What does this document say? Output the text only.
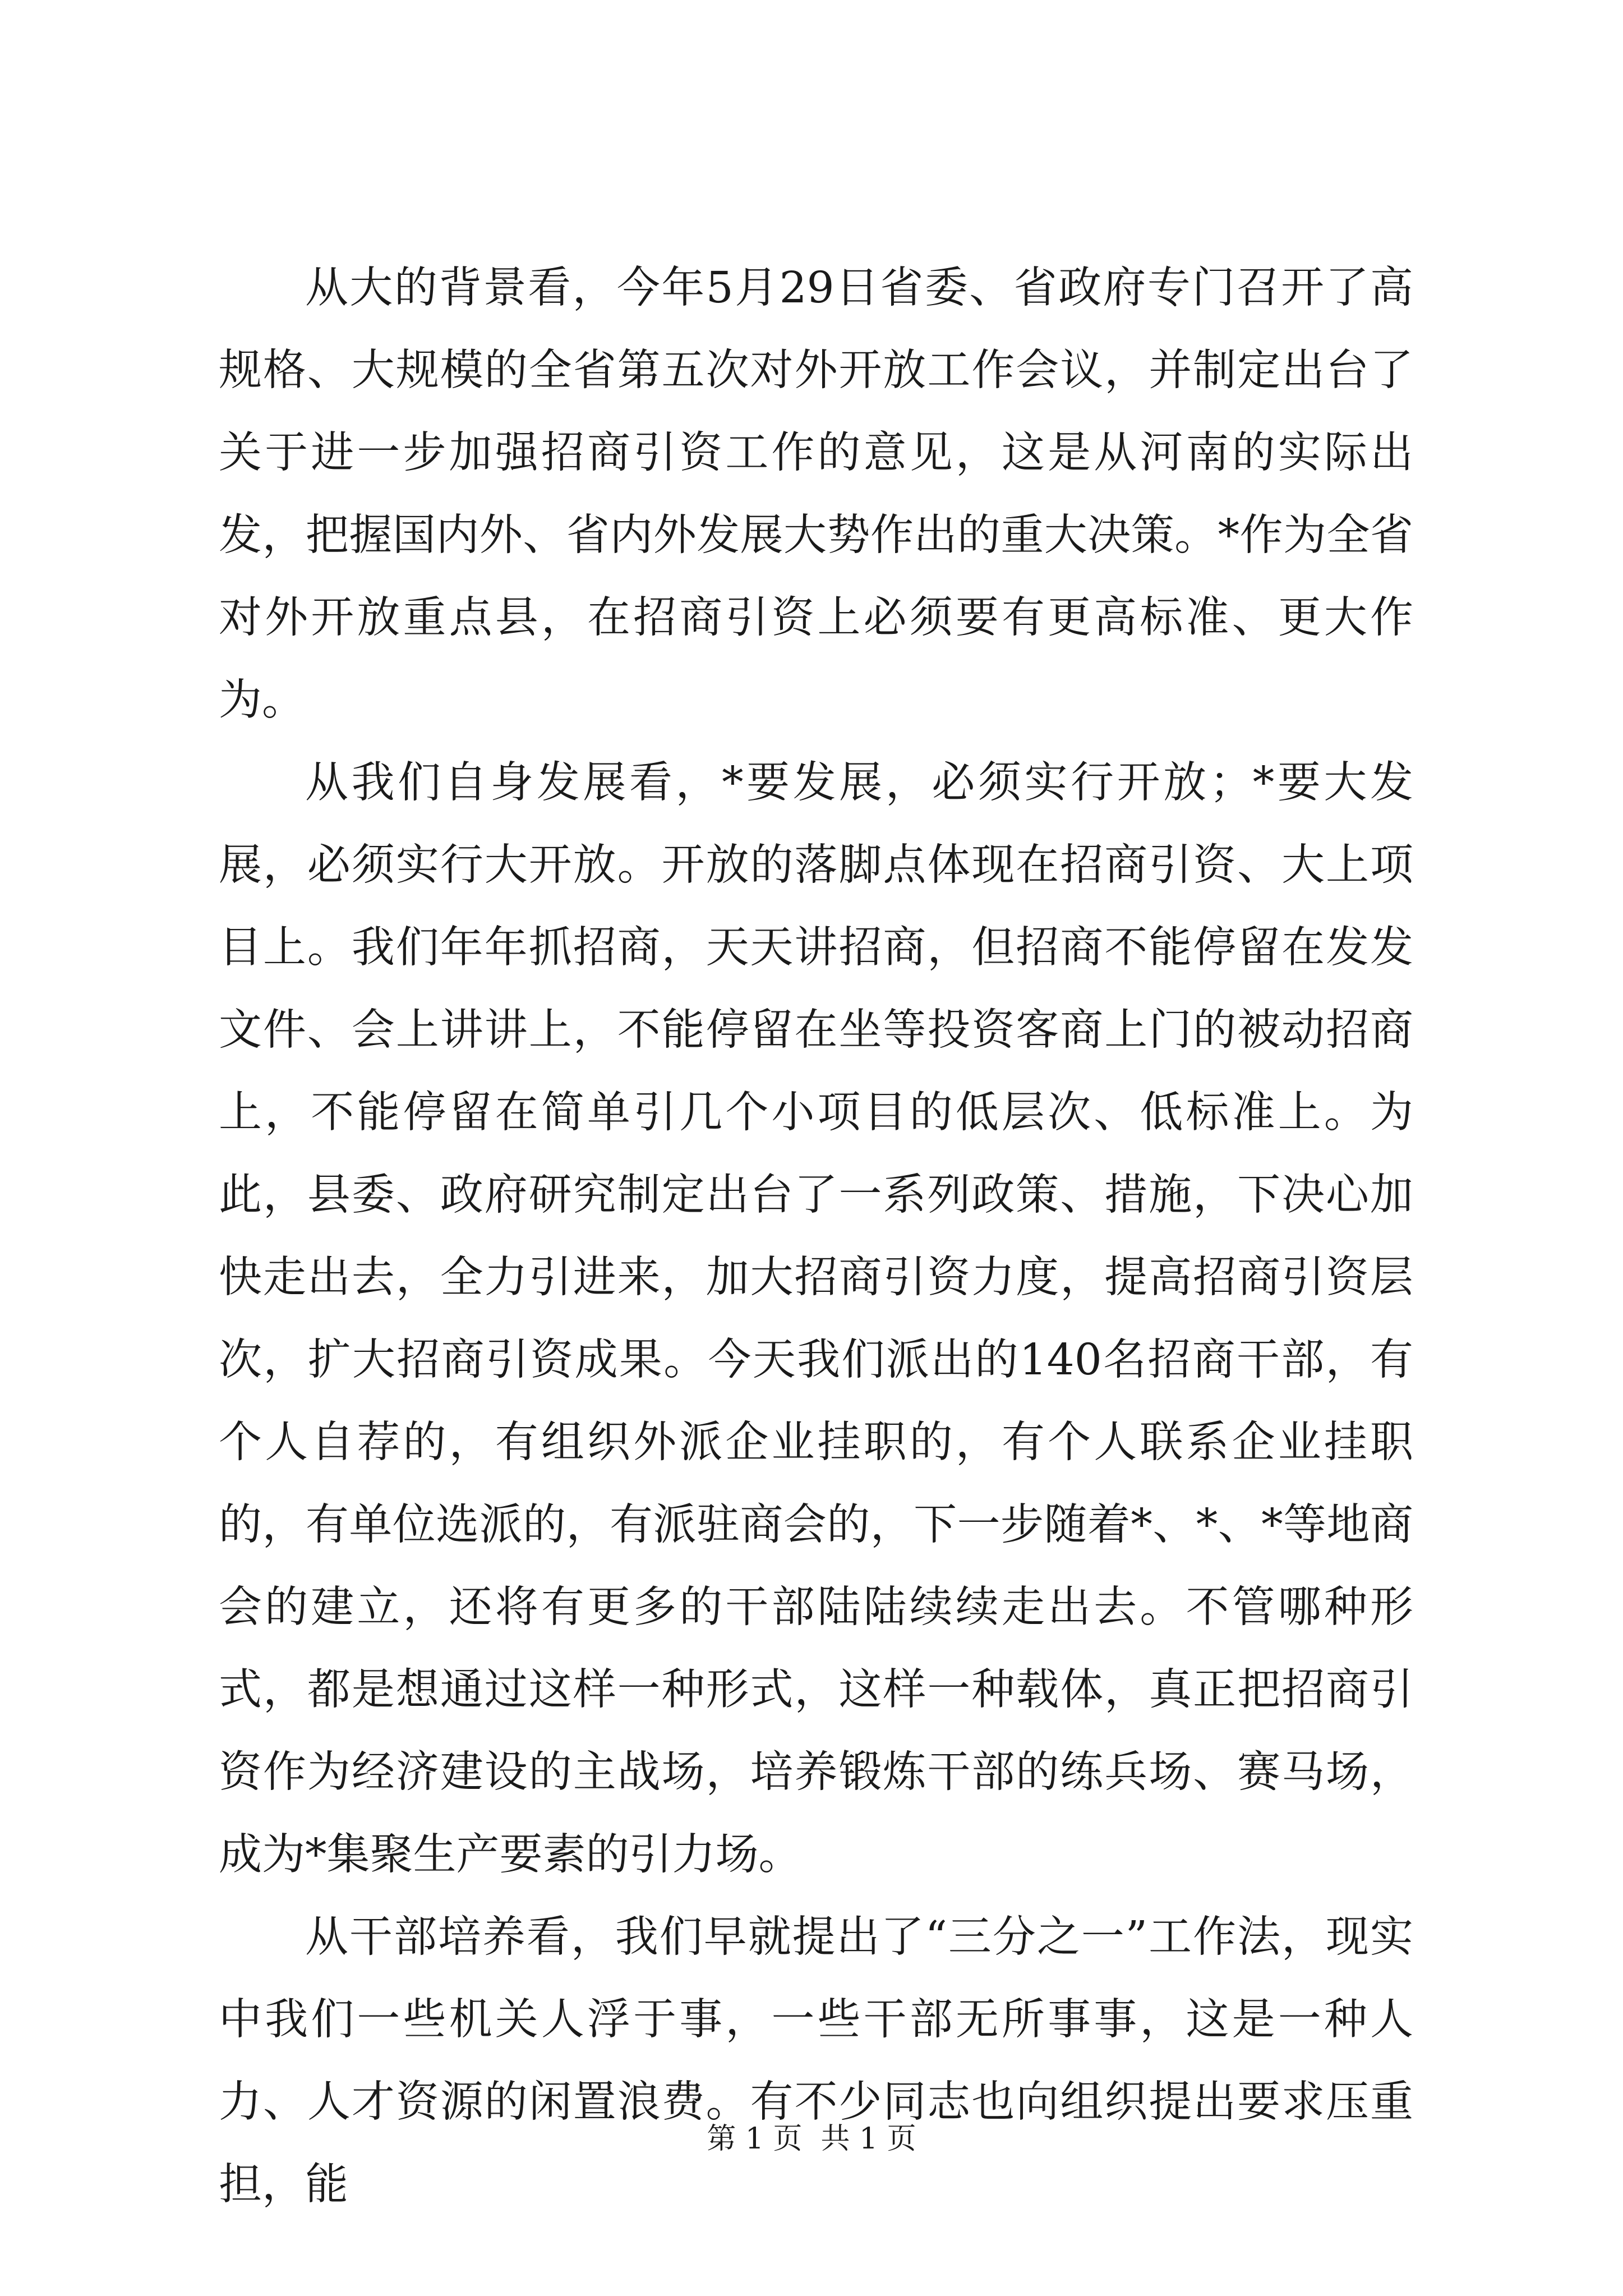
从大的背景看，今年5月29日省委、省政府专门召开了高规格、大规模的全省第五次对外开放工作会议，并制定出台了关于进一步加强招商引资工作的意见，这是从河南的实际出发，把握国内外、省内外发展大势作出的重大决策。*作为全省对外开放重点县，在招商引资上必须要有更高标准、更大作为。

从我们自身发展看，*要发展，必须实行开放；*要大发展，必须实行大开放。开放的落脚点体现在招商引资、大上项目上。我们年年抓招商，天天讲招商，但招商不能停留在发发文件、会上讲讲上，不能停留在坐等投资客商上门的被动招商上，不能停留在简单引几个小项目的低层次、低标准上。为此，县委、政府研究制定出台了一系列政策、措施，下决心加快走出去，全力引进来，加大招商引资力度，提高招商引资层次，扩大招商引资成果。今天我们派出的140名招商干部，有个人自荐的，有组织外派企业挂职的，有个人联系企业挂职的，有单位选派的，有派驻商会的，下一步随着*、*、*等地商会的建立，还将有更多的干部陆陆续续走出去。不管哪种形式，都是想通过这样一种形式，这样一种载体，真正把招商引资作为经济建设的主战场，培养锻炼干部的练兵场、赛马场，成为*集聚生产要素的引力场。

从干部培养看，我们早就提出了“三分之一”工作法，现实中我们一些机关人浮于事，一些干部无所事事，这是一种人力、人才资源的闲置浪费。有不少同志也向组织提出要求压重担，能

第 1 页  共 1 页
